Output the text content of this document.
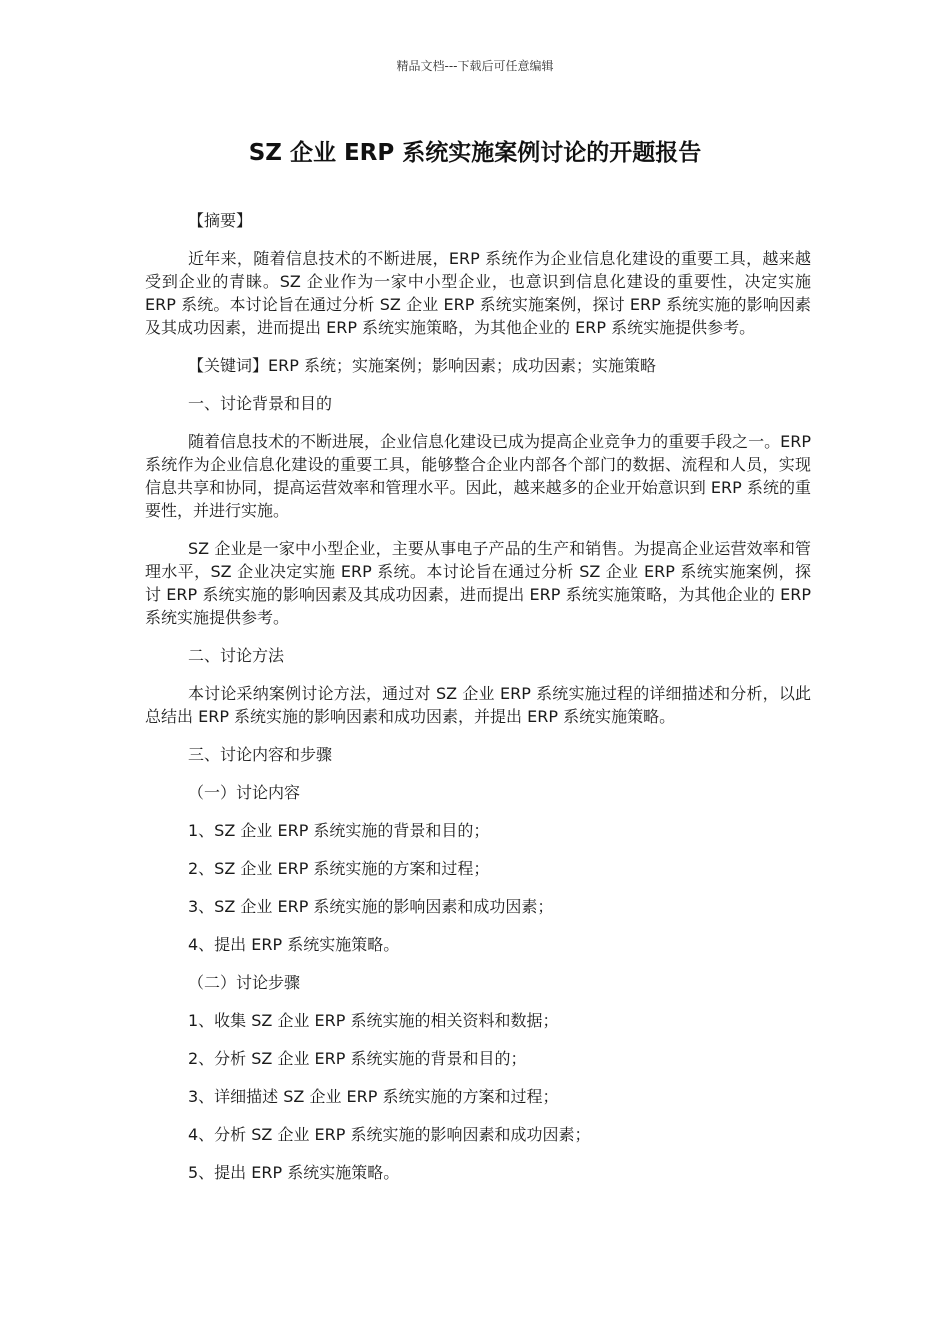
精品文档---下载后可任意编辑
SZ 企业 ERP 系统实施案例讨论的开题报告
【摘要】
近年来，随着信息技术的不断进展，ERP 系统作为企业信息化建设的重要工具，越来越受到企业的青睐。SZ 企业作为一家中小型企业，也意识到信息化建设的重要性，决定实施 ERP 系统。本讨论旨在通过分析 SZ 企业 ERP 系统实施案例，探讨 ERP 系统实施的影响因素及其成功因素，进而提出 ERP 系统实施策略，为其他企业的 ERP 系统实施提供参考。
【关键词】ERP 系统；实施案例；影响因素；成功因素；实施策略
一、讨论背景和目的
随着信息技术的不断进展，企业信息化建设已成为提高企业竞争力的重要手段之一。ERP 系统作为企业信息化建设的重要工具，能够整合企业内部各个部门的数据、流程和人员，实现信息共享和协同，提高运营效率和管理水平。因此，越来越多的企业开始意识到 ERP 系统的重要性，并进行实施。
SZ 企业是一家中小型企业，主要从事电子产品的生产和销售。为提高企业运营效率和管理水平，SZ 企业决定实施 ERP 系统。本讨论旨在通过分析 SZ 企业 ERP 系统实施案例，探讨 ERP 系统实施的影响因素及其成功因素，进而提出 ERP 系统实施策略，为其他企业的 ERP 系统实施提供参考。
二、讨论方法
本讨论采纳案例讨论方法，通过对 SZ 企业 ERP 系统实施过程的详细描述和分析，以此总结出 ERP 系统实施的影响因素和成功因素，并提出 ERP 系统实施策略。
三、讨论内容和步骤
（一）讨论内容
1、SZ 企业 ERP 系统实施的背景和目的；
2、SZ 企业 ERP 系统实施的方案和过程；
3、SZ 企业 ERP 系统实施的影响因素和成功因素；
4、提出 ERP 系统实施策略。
（二）讨论步骤
1、收集 SZ 企业 ERP 系统实施的相关资料和数据；
2、分析 SZ 企业 ERP 系统实施的背景和目的；
3、详细描述 SZ 企业 ERP 系统实施的方案和过程；
4、分析 SZ 企业 ERP 系统实施的影响因素和成功因素；
5、提出 ERP 系统实施策略。
